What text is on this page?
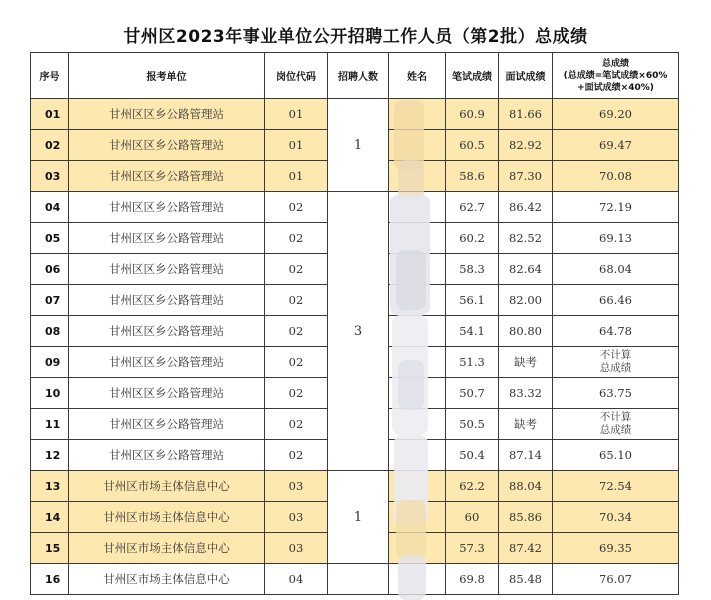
甘州区2023年事业单位公开招聘工作人员（第2批）总成绩
序号	报考单位	岗位代码	招聘人数	姓名	笔试成绩	面试成绩	总成绩
(总成绩=笔试成绩×60%
+面试成绩×40%)

01	甘州区区乡公路管理站	01	1		60.9	81.66	69.20
02	甘州区区乡公路管理站	01			60.5	82.92	69.47
03	甘州区区乡公路管理站	01			58.6	87.30	70.08
04	甘州区区乡公路管理站	02	3		62.7	86.42	72.19
05	甘州区区乡公路管理站	02			60.2	82.52	69.13
06	甘州区区乡公路管理站	02			58.3	82.64	68.04
07	甘州区区乡公路管理站	02			56.1	82.00	66.46
08	甘州区区乡公路管理站	02			54.1	80.80	64.78
09	甘州区区乡公路管理站	02			51.3	缺考	不计算
总成绩

10	甘州区区乡公路管理站	02			50.7	83.32	63.75
11	甘州区区乡公路管理站	02			50.5	缺考	不计算
总成绩

12	甘州区区乡公路管理站	02			50.4	87.14	65.10
13	甘州区市场主体信息中心	03	1		62.2	88.04	72.54
14	甘州区市场主体信息中心	03			60	85.86	70.34
15	甘州区市场主体信息中心	03			57.3	87.42	69.35
16	甘州区市场主体信息中心	04			69.8	85.48	76.07
